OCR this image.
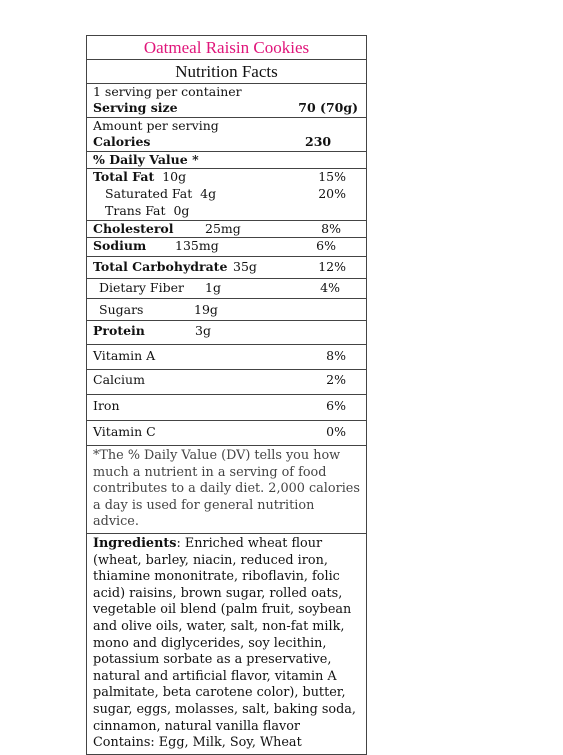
Oatmeal Raisin Cookies
Nutrition Facts
1 serving per container
Serving size	70 (70g)
Amount per serving
Calories	230
% Daily Value *
Total Fat 10g	15%
Saturated Fat 4g	20%
Trans Fat 0g
Cholesterol	25mg	8%
Sodium 135mg	6%
Total Carbohydrate 35g	12%
Dietary Fiber 1g	4%
Sugars	19g
Protein	3g
Vitamin A	8%
Calcium	2%
Iron	6%
Vitamin C	0%
*The % Daily Value (DV) tells you how much a nutrient in a serving of food contributes to a daily diet. 2,000 calories a day is used for general nutrition advice.
Ingredients: Enriched wheat flour (wheat, barley, niacin, reduced iron, thiamine mononitrate, riboflavin, folic acid) raisins, brown sugar, rolled oats, vegetable oil blend (palm fruit, soybean and olive oils, water, salt, non-fat milk, mono and diglycerides, soy lecithin, potassium sorbate as a preservative, natural and artificial flavor, vitamin A palmitate, beta carotene color), butter, sugar, eggs, molasses, salt, baking soda, cinnamon, natural vanilla flavor
Contains: Egg, Milk, Soy, Wheat
